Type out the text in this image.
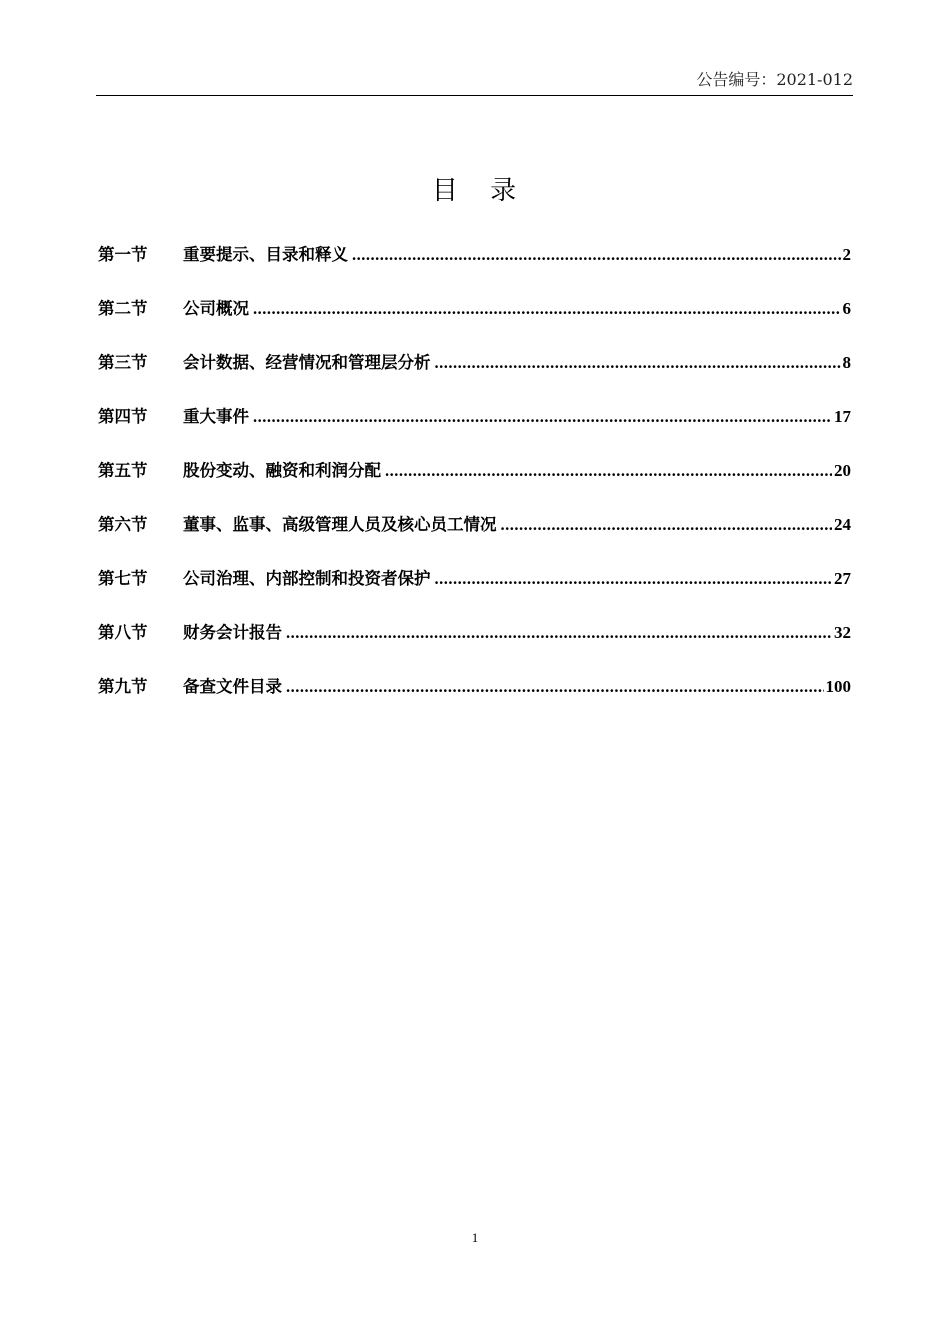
公告编号：2021-012
目 录
第一节	重要提示、目录和释义 .....	2
第二节	公司概况 .....	6
第三节	会计数据、经营情况和管理层分析 .....	8
第四节	重大事件 .....	17
第五节	股份变动、融资和利润分配 .....	20
第六节	董事、监事、高级管理人员及核心员工情况 .....	24
第七节	公司治理、内部控制和投资者保护 .....	27
第八节	财务会计报告 .....	32
第九节	备查文件目录 .....	100
1
